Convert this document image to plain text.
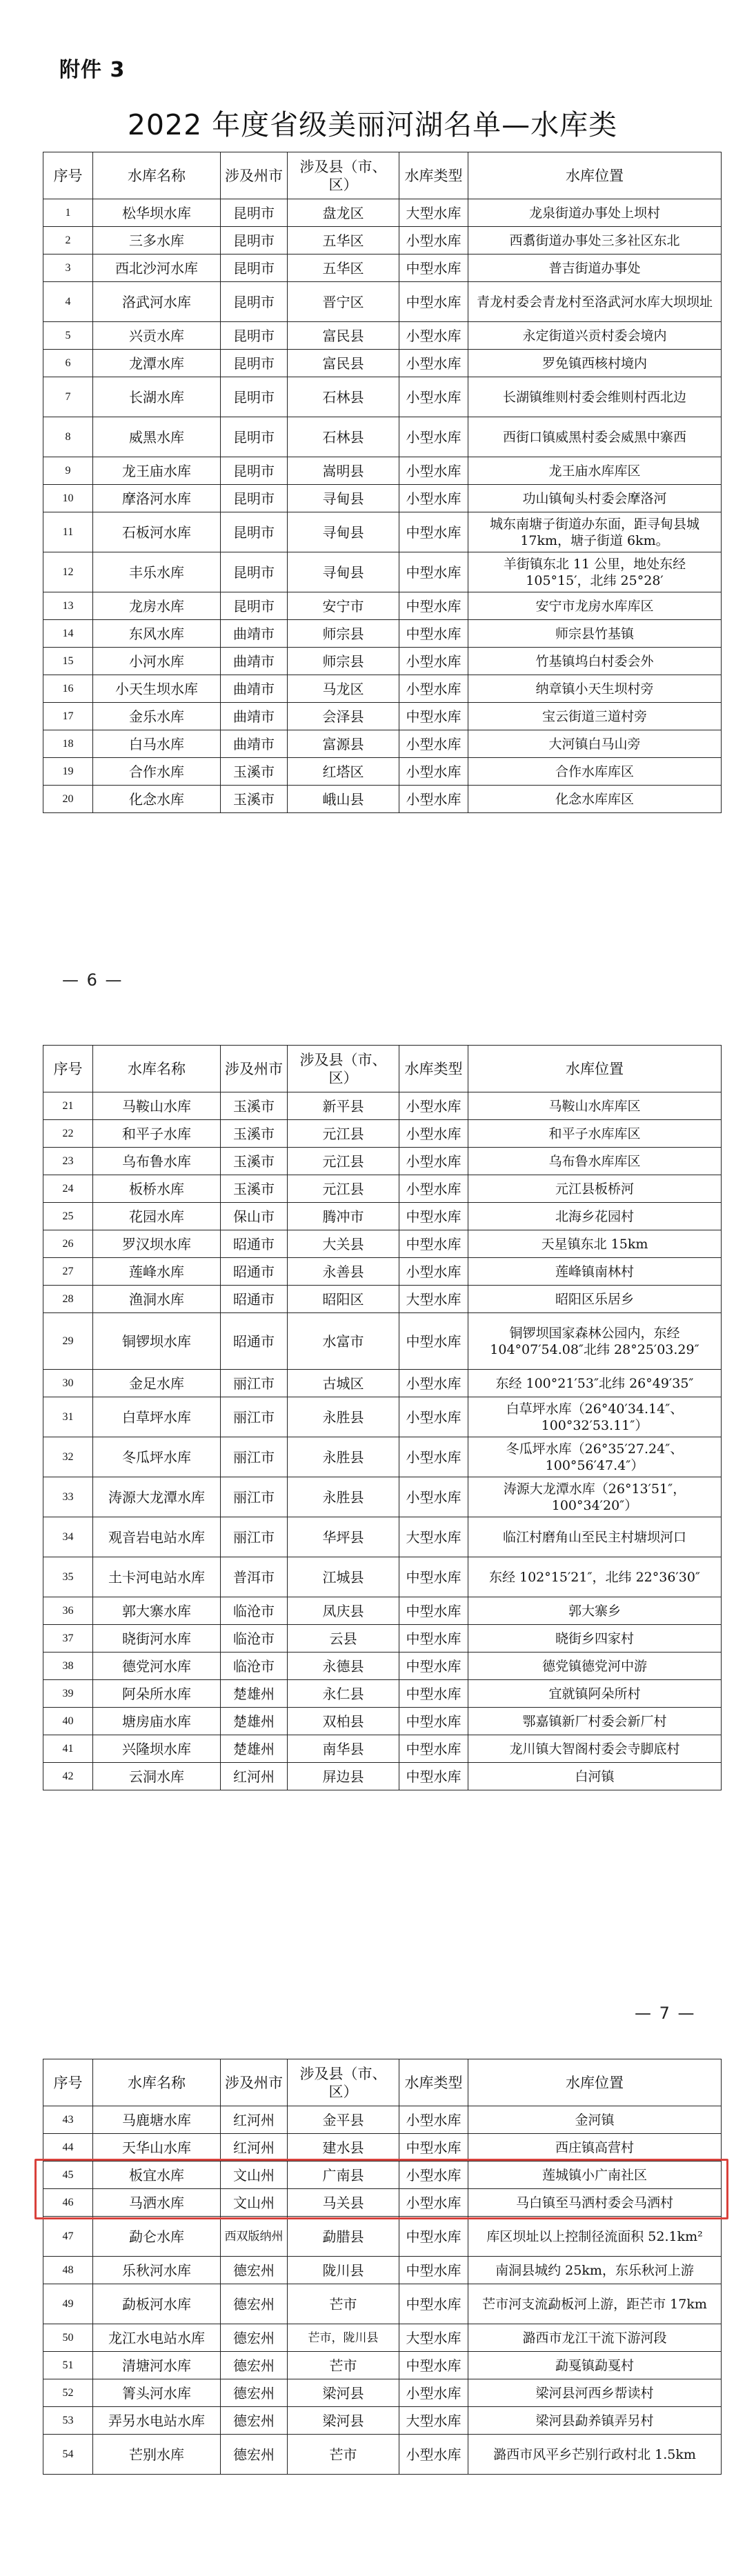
附件 3
2022 年度省级美丽河湖名单—水库类
序号	水库名称	涉及州市	涉及县（市、区）	水库类型	水库位置
1	松华坝水库	昆明市	盘龙区	大型水库	龙泉街道办事处上坝村
2	三多水库	昆明市	五华区	小型水库	西翥街道办事处三多社区东北
3	西北沙河水库	昆明市	五华区	中型水库	普吉街道办事处
4	洛武河水库	昆明市	晋宁区	中型水库	青龙村委会青龙村至洛武河水库大坝坝址
5	兴贡水库	昆明市	富民县	小型水库	永定街道兴贡村委会境内
6	龙潭水库	昆明市	富民县	小型水库	罗免镇西核村境内
7	长湖水库	昆明市	石林县	小型水库	长湖镇维则村委会维则村西北边
8	威黑水库	昆明市	石林县	小型水库	西街口镇威黑村委会威黑中寨西
9	龙王庙水库	昆明市	嵩明县	小型水库	龙王庙水库库区
10	摩洛河水库	昆明市	寻甸县	小型水库	功山镇甸头村委会摩洛河
11	石板河水库	昆明市	寻甸县	中型水库	城东南塘子街道办东面，距寻甸县城 17km，塘子街道 6km。
12	丰乐水库	昆明市	寻甸县	中型水库	羊街镇东北 11 公里，地处东经 105°15′，北纬 25°28′
13	龙房水库	昆明市	安宁市	中型水库	安宁市龙房水库库区
14	东风水库	曲靖市	师宗县	中型水库	师宗县竹基镇
15	小河水库	曲靖市	师宗县	小型水库	竹基镇坞白村委会外
16	小天生坝水库	曲靖市	马龙区	小型水库	纳章镇小天生坝村旁
17	金乐水库	曲靖市	会泽县	中型水库	宝云街道三道村旁
18	白马水库	曲靖市	富源县	小型水库	大河镇白马山旁
19	合作水库	玉溪市	红塔区	小型水库	合作水库库区
20	化念水库	玉溪市	峨山县	小型水库	化念水库库区
— 6 —
序号	水库名称	涉及州市	涉及县（市、区）	水库类型	水库位置
21	马鞍山水库	玉溪市	新平县	小型水库	马鞍山水库库区
22	和平子水库	玉溪市	元江县	小型水库	和平子水库库区
23	乌布鲁水库	玉溪市	元江县	小型水库	乌布鲁水库库区
24	板桥水库	玉溪市	元江县	小型水库	元江县板桥河
25	花园水库	保山市	腾冲市	中型水库	北海乡花园村
26	罗汉坝水库	昭通市	大关县	中型水库	天星镇东北 15km
27	莲峰水库	昭通市	永善县	小型水库	莲峰镇南林村
28	渔洞水库	昭通市	昭阳区	大型水库	昭阳区乐居乡
29	铜锣坝水库	昭通市	水富市	中型水库	铜锣坝国家森林公园内，东经 104°07′54.08″北纬 28°25′03.29″
30	金足水库	丽江市	古城区	小型水库	东经 100°21′53″北纬 26°49′35″
31	白草坪水库	丽江市	永胜县	小型水库	白草坪水库（26°40′34.14″、100°32′53.11″）
32	冬瓜坪水库	丽江市	永胜县	小型水库	冬瓜坪水库（26°35′27.24″、100°56′47.4″）
33	涛源大龙潭水库	丽江市	永胜县	小型水库	涛源大龙潭水库（26°13′51″，100°34′20″）
34	观音岩电站水库	丽江市	华坪县	大型水库	临江村磨角山至民主村塘坝河口
35	土卡河电站水库	普洱市	江城县	中型水库	东经 102°15′21″，北纬 22°36′30″
36	郭大寨水库	临沧市	凤庆县	中型水库	郭大寨乡
37	晓街河水库	临沧市	云县	中型水库	晓街乡四家村
38	德党河水库	临沧市	永德县	中型水库	德党镇德党河中游
39	阿朵所水库	楚雄州	永仁县	中型水库	宜就镇阿朵所村
40	塘房庙水库	楚雄州	双柏县	中型水库	鄂嘉镇新厂村委会新厂村
41	兴隆坝水库	楚雄州	南华县	中型水库	龙川镇大智阁村委会寺脚底村
42	云洞水库	红河州	屏边县	中型水库	白河镇
— 7 —
序号	水库名称	涉及州市	涉及县（市、区）	水库类型	水库位置
43	马鹿塘水库	红河州	金平县	小型水库	金河镇
44	天华山水库	红河州	建水县	中型水库	西庄镇高营村
45	板宜水库	文山州	广南县	小型水库	莲城镇小广南社区
46	马洒水库	文山州	马关县	小型水库	马白镇至马洒村委会马洒村
47	勐仑水库	西双版纳州	勐腊县	中型水库	库区坝址以上控制径流面积 52.1km²
48	乐秋河水库	德宏州	陇川县	中型水库	南洞县城约 25km，东乐秋河上游
49	勐板河水库	德宏州	芒市	中型水库	芒市河支流勐板河上游，距芒市 17km
50	龙江水电站水库	德宏州	芒市，陇川县	大型水库	潞西市龙江干流下游河段
51	清塘河水库	德宏州	芒市	中型水库	勐戛镇勐戛村
52	箐头河水库	德宏州	梁河县	小型水库	梁河县河西乡帮读村
53	弄另水电站水库	德宏州	梁河县	大型水库	梁河县勐养镇弄另村
54	芒别水库	德宏州	芒市	小型水库	潞西市风平乡芒别行政村北 1.5km
